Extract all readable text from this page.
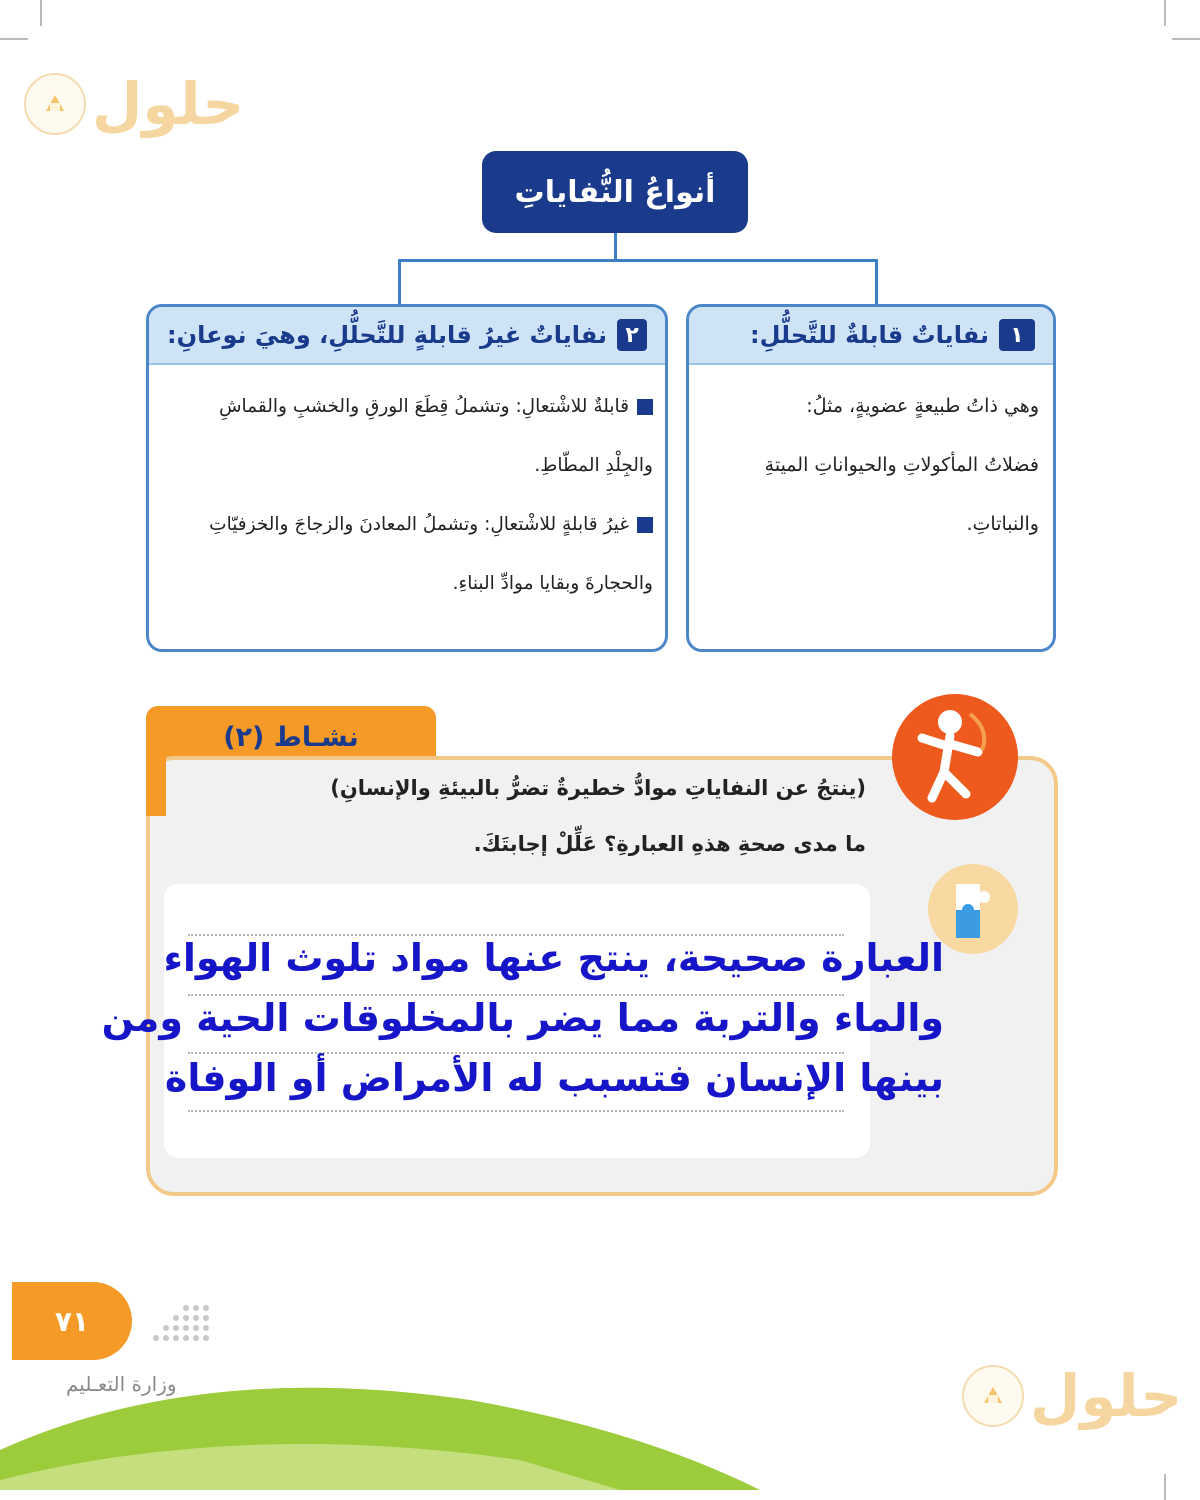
حلول
حلول
أنواعُ النُّفاياتِ
١
نفاياتٌ قابلةٌ للتَّحلُّلِ:
وهي ذاتُ طبيعةٍ عضويةٍ، مثلُ:
فضلاتُ المأكولاتِ والحيواناتِ الميتةِ
والنباتاتِ.
٢
نفاياتٌ غيرُ قابلةٍ للتَّحلُّلِ، وهيَ نوعانِ:
قابلةٌ للاشْتعالِ: وتشملُ قِطَعَ الورقِ والخشبِ والقماشِ
والجِلْدِ المطّاطِ.
غيرُ قابلةٍ للاشْتعالِ: وتشملُ المعادنَ والزجاجَ والخزفيّاتِ
والحجارةَ وبقايا موادِّ البناءِ.
نشـاط (٢)
(ينتجُ عن النفاياتِ موادُّ خطيرةٌ تضرُّ بالبيئةِ والإنسانِ)
ما مدى صحةِ هذهِ العبارةِ؟ عَلِّلْ إجابتَكَ.
العبارة صحيحة، ينتج عنها مواد تلوث الهواء
والماء والتربة مما يضر بالمخلوقات الحية ومن
بينها الإنسان فتسبب له الأمراض أو الوفاة
٧١
وزارة التعـليم
